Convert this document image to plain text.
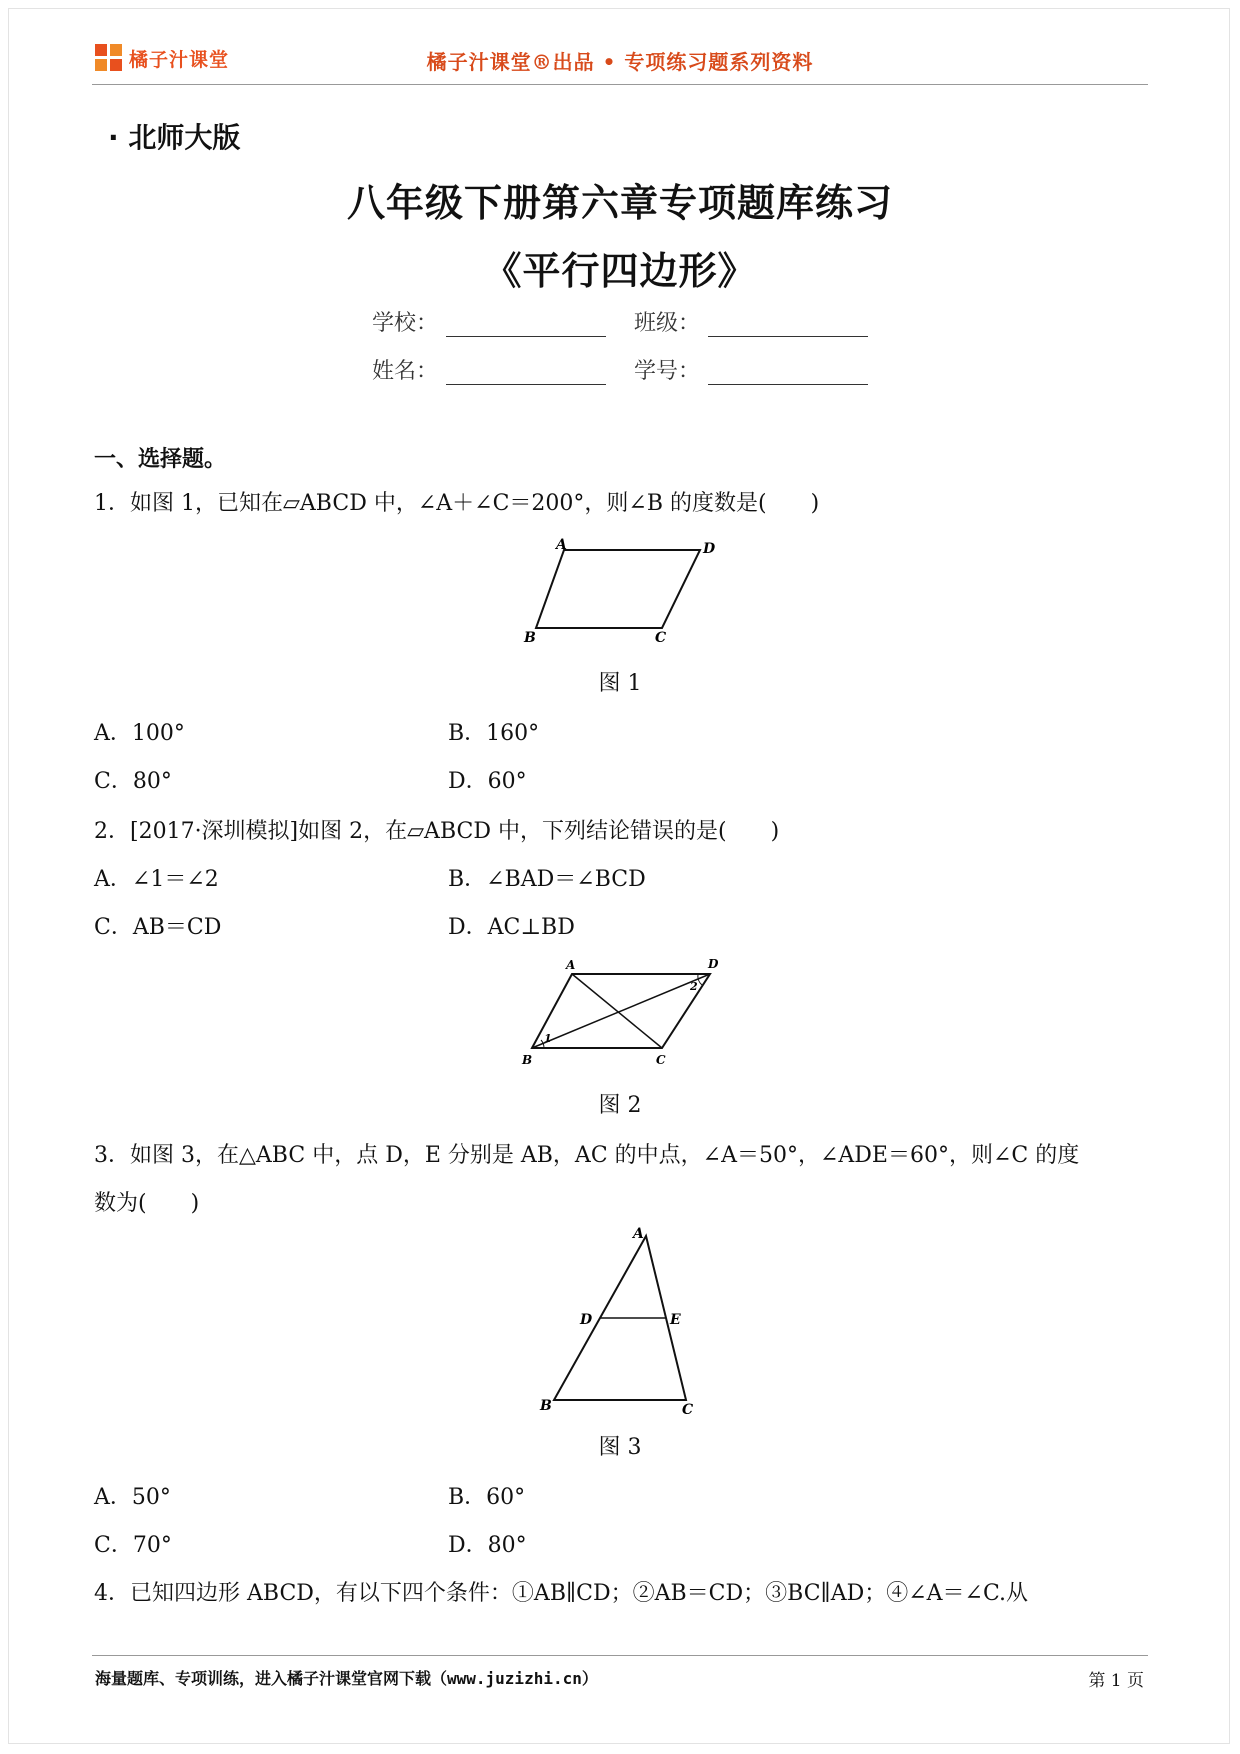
橘子汁课堂	橘子汁课堂®出品 • 专项练习题系列资料
· 北师大版
八年级下册第六章专项题库练习
《平行四边形》
学校：	班级：
姓名：	学号：
一、选择题。
1．如图 1，已知在▱ABCD 中，∠A＋∠C＝200°，则∠B 的度数是(　　)
A	D
B	C
图 1
A．100°	B．160°
C．80°	D．60°
2．[2017·深圳模拟]如图 2，在▱ABCD 中，下列结论错误的是(　　)
A	D
B	C
1
2
图 2
A．∠1＝∠2	B．∠BAD＝∠BCD
C．AB＝CD	D．AC⊥BD
3．如图 3，在△ABC 中，点 D，E 分别是 AB，AC 的中点，∠A＝50°，∠ADE＝60°，则∠C 的度
数为(　　)
A
D	E
B	C
图 3
A．50°	B．60°
C．70°	D．80°
4．已知四边形 ABCD，有以下四个条件：①AB∥CD；②AB＝CD；③BC∥AD；④∠A＝∠C.从
海量题库、专项训练，进入橘子汁课堂官网下载（www.juzizhi.cn）	第 1 页
